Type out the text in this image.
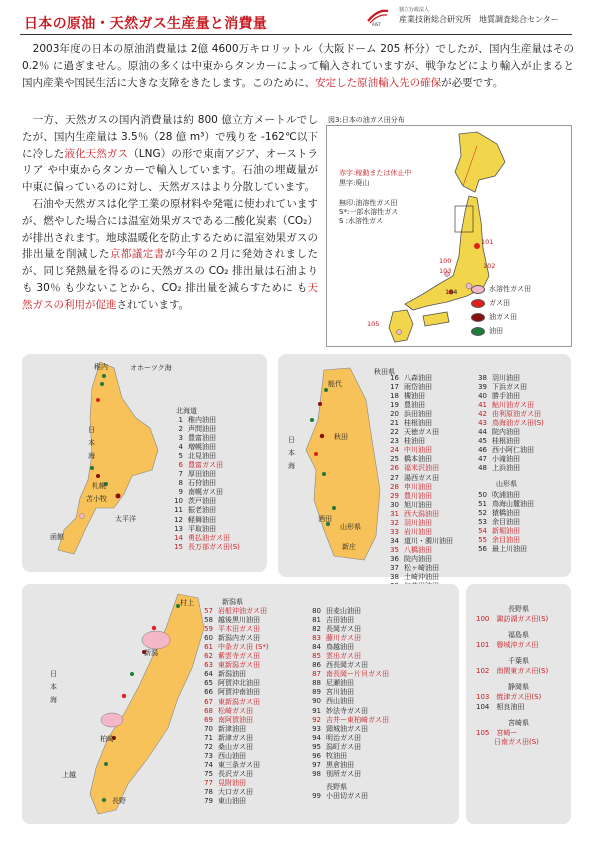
日本の原油・天然ガス生産量と消費量	AIST
独立行政法人
産業技術総合研究所　地質調査総合センター
　2003年度の日本の原油消費量は 2億 4600万キロリットル（大阪ドーム 205 杯分）でしたが、国内生産量はその 0.2％ に過ぎません。原油の多くは中東からタンカーによって輸入されていますが、戦争などにより輸入が止まると国内産業や国民生活に大きな支障をきたします。このために、安定した原油輸入先の確保が必要です。
　一方、天然ガスの国内消費量は約 800 億立方メートルでしたが、国内生産量は 3.5％（28 億 m³）で残りを -162℃以下に冷した液化天然ガス（LNG）の形で東南アジア、オーストラリア や中東からタンカーで輸入しています。石油の埋蔵量が中東に偏っているのに対し、天然ガスはより分散しています。
　石油や天然ガスは化学工業の原材料や発電に使われていますが、燃やした場合には温室効果ガスである二酸化炭素（CO₂）が排出されます。地球温暖化を防止するために温室効果ガスの排出量を削減した京都議定書が今年の２月に発効されましたが、同じ発熱量を得るのに天然ガスの CO₂ 排出量は石油よりも 30％ も少ないことから、CO₂ 排出量を減らすために も天然ガスの利用が促進されています。
図3:日本の油ガス田分布
赤字:稼動または休止中
黒字:廃山
無印:油溶性ガス田
S*:一部水溶性ガス
S :水溶性ガス
101
100
102
103
104
105
水溶性ガス田
ガス田
油ガス田
油田
稚内	オホーツク海
北海道
日本 海
札幌
苫小牧
太平洋
函館
1 稚内油田
2 声問油田
3 豊富油田
4 増幌油田
5 北見油田
6 豊富ガス田
7 厚田油田
8 石狩油田
9 南幌ガス田
10 茨戸油田
11 振老油田
12 軽舞油田
13 平取油田
14 勇払油ガス田
15 長万部ガス田(S)
能代
秋田県
日本 海
秋田
酒田
山形県
新庄
16 八森油田
17 雨岱油田
18 槻油田
19 豊油田
20 浜田油田
21 桂根油田
22 天徳ガス田
23 桂油田
24 中川油田
25 橋本油田
26 福米沢油田
27 湯西ガス田
28 申川油田
29 豊川油田
30 旭川油田
31 西大潟油田
32 羽川油田
33 岩川油田
34 道川・濁川油田
35 八橋油田
36 院内油田
37 松ヶ崎油田
38 土崎沖油田
38 羽川油田
39 下浜ガス田
40 勝手油田
41 鮎川油ガス田
42 由利原油ガス田
43 鳥海油ガス田(S)
44 院内油田
45 桂根油田
46 西小阿仁油田
47 小滝油田
48 上浜油田
山形県
50 吹浦油田
51 鳥海山麓油田
52 猿橋油田
53 余目油田
54 新堀油田
55 余目油田
56 最上川油田
村上
新潟
日本 海
柏崎
上越
長野
新潟県
57 岩船沖油ガス田
58 越後黒川油田
59 平木田ガス田
60 新潟内ガス田
61 中条ガス田 (S*)
62 紫雲寺ガス田
63 東新潟ガス田
64 新潟油田
65 阿賀沖北油田
66 阿賀沖南油田
67 東新潟ガス田
68 松崎ガス田
69 南阿賀油田
70 新津油田
71 新津ガス田
72 桑山ガス田
73 西山油田
74 東三条ガス田
75 長沢ガス田
77 見附油田
78 大口ガス田
79 東山油田
80 田麦山油田
81 吉田油田
82 長岡ガス田
83 藤川ガス田
84 鳥越油田
85 雲出ガス田
86 西長岡ガス田
87 南長岡ー片貝ガス田
88 尼瀬油田
89 宮川油田
90 西山油田
91 妙法寺ガス田
92 吉井ー東柏崎ガス田
93 頸城油ガス田
94 明治ガス田
95 潟町ガス田
96 牧油田
97 黒倉油田
98 別所ガス田
長野県
99 小田切ガス田
長野県
100　諏訪湖ガス田(S)
福島県
101　磐城沖ガス田
千葉県
102　南関東ガス田(S)
静岡県
103　焼津ガス田(S)
104　相良油田
宮崎県
105　宮崎ー
日南ガス田(S)
